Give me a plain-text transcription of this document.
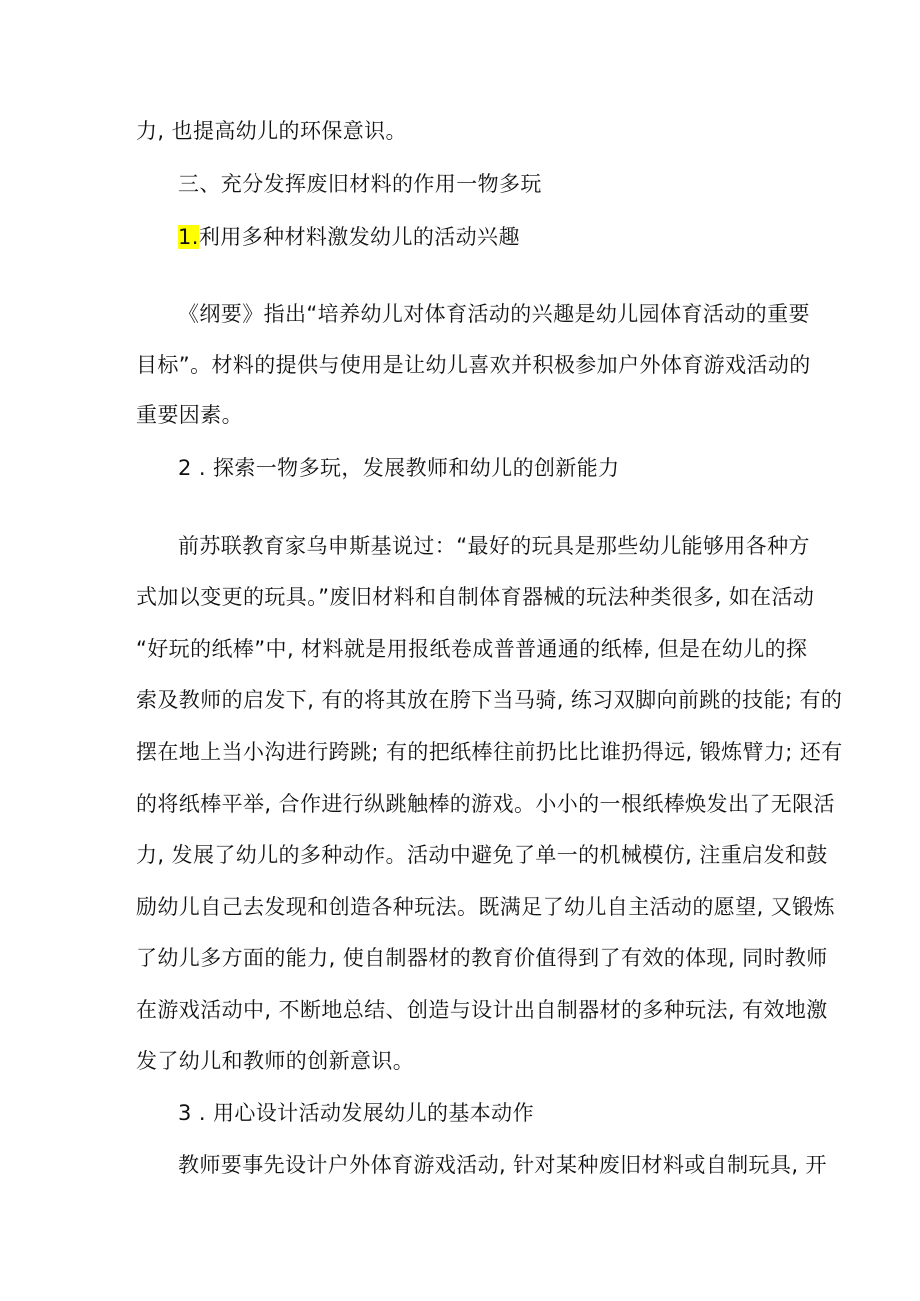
力, 也提高幼儿的环保意识。
三、充分发挥废旧材料的作用一物多玩
1.利用多种材料激发幼儿的活动兴趣
《纲要》指出“培养幼儿对体育活动的兴趣是幼儿园体育活动的重要
目标”。材料的提供与使用是让幼儿喜欢并积极参加户外体育游戏活动的
重要因素。
2 . 探索一物多玩，发展教师和幼儿的创新能力
前苏联教育家乌申斯基说过：“最好的玩具是那些幼儿能够用各种方
式加以变更的玩具。”废旧材料和自制体育器械的玩法种类很多, 如在活动
“好玩的纸棒”中, 材料就是用报纸卷成普普通通的纸棒, 但是在幼儿的探
索及教师的启发下, 有的将其放在胯下当马骑, 练习双脚向前跳的技能; 有的
摆在地上当小沟进行跨跳; 有的把纸棒往前扔比比谁扔得远, 锻炼臂力; 还有
的将纸棒平举, 合作进行纵跳触棒的游戏。小小的一根纸棒焕发出了无限活
力, 发展了幼儿的多种动作。活动中避免了单一的机械模仿, 注重启发和鼓
励幼儿自己去发现和创造各种玩法。既满足了幼儿自主活动的愿望, 又锻炼
了幼儿多方面的能力, 使自制器材的教育价值得到了有效的体现, 同时教师
在游戏活动中, 不断地总结、创造与设计出自制器材的多种玩法, 有效地激
发了幼儿和教师的创新意识。
3 . 用心设计活动发展幼儿的基本动作
教师要事先设计户外体育游戏活动, 针对某种废旧材料或自制玩具, 开
